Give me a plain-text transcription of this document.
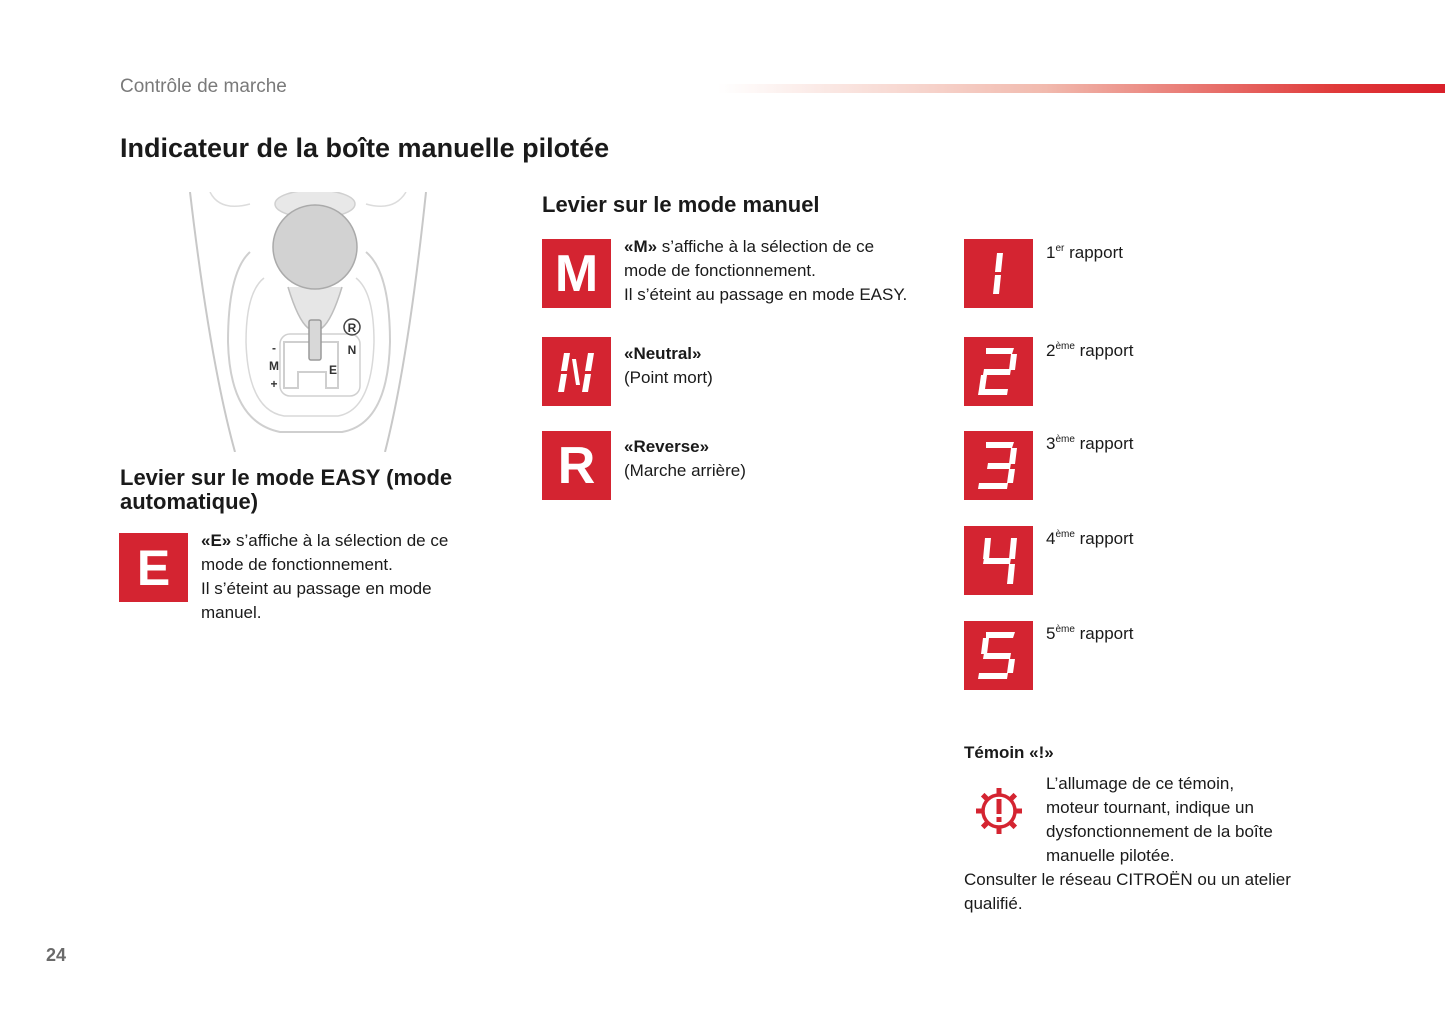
Contrôle de marche
Indicateur de la boîte manuelle pilotée
R
N
M	E
-
+
Levier sur le mode EASY (mode automatique)
E «E» s’affiche à la sélection de ce
mode de fonctionnement.
Il s’éteint au passage en mode
manuel.
Levier sur le mode manuel
M «M» s’affiche à la sélection de ce
mode de fonctionnement.
Il s’éteint au passage en mode EASY.
«Neutral»
(Point mort)
R «Reverse»
(Marche arrière)
1er rapport
2ème rapport
3ème rapport
4ème rapport
5ème rapport
Témoin «!»
L’allumage de ce témoin,
moteur tournant, indique un
dysfonctionnement de la boîte
manuelle pilotée.
Consulter le réseau CITROËN ou un atelier
qualifié.
24
